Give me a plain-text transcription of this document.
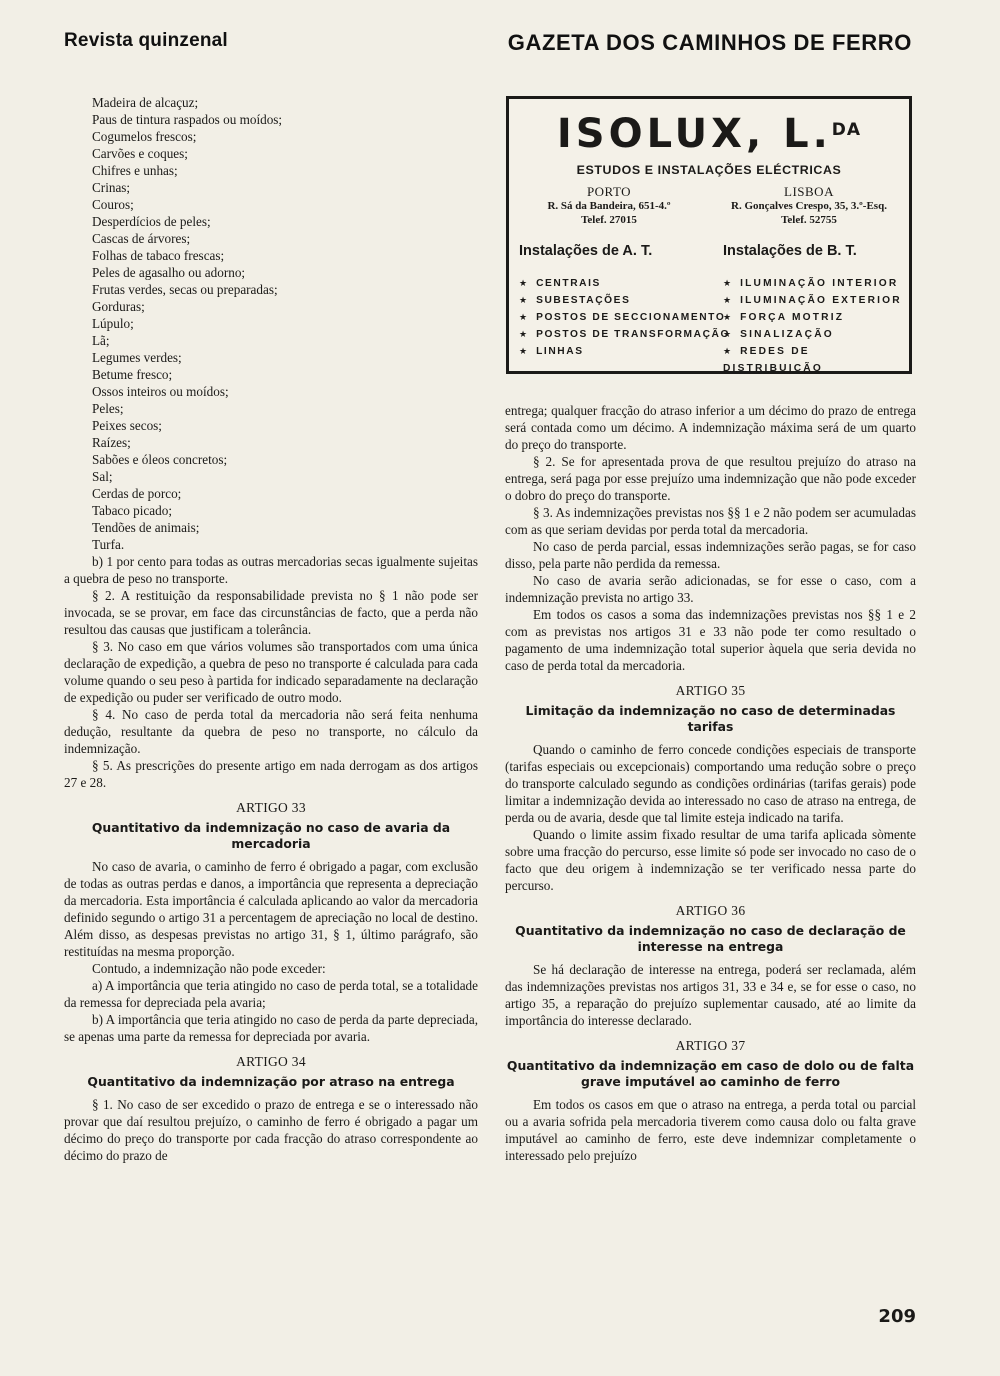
Revista quinzenal	GAZETA DOS CAMINHOS DE FERRO
Madeira de alcaçuz;
Paus de tintura raspados ou moídos;
Cogumelos frescos;
Carvões e coques;
Chifres e unhas;
Crinas;
Couros;
Desperdícios de peles;
Cascas de árvores;
Folhas de tabaco frescas;
Peles de agasalho ou adorno;
Frutas verdes, secas ou preparadas;
Gorduras;
Lúpulo;
Lã;
Legumes verdes;
Betume fresco;
Ossos inteiros ou moídos;
Peles;
Peixes secos;
Raízes;
Sabões e óleos concretos;
Sal;
Cerdas de porco;
Tabaco picado;
Tendões de animais;
Turfa.

b) 1 por cento para todas as outras mercadorias secas igualmente sujeitas a quebra de peso no transporte.

§ 2. A restituição da responsabilidade prevista no § 1 não pode ser invocada, se se provar, em face das circunstâncias de facto, que a perda não resultou das causas que justificam a tolerância.

§ 3. No caso em que vários volumes são transportados com uma única declaração de expedição, a quebra de peso no transporte é calculada para cada volume quando o seu peso à partida for indicado separadamente na declaração de expedição ou puder ser verificado de outro modo.

§ 4. No caso de perda total da mercadoria não será feita nenhuma dedução, resultante da quebra de peso no transporte, no cálculo da indemnização.

§ 5. As prescrições do presente artigo em nada derrogam as dos artigos 27 e 28.

ARTIGO 33
Quantitativo da indemnização no caso de avaria da mercadoria

No caso de avaria, o caminho de ferro é obrigado a pagar, com exclusão de todas as outras perdas e danos, a importância que representa a depreciação da mercadoria. Esta importância é calculada aplicando ao valor da mercadoria definido segundo o artigo 31 a percentagem de apreciação no local de destino. Além disso, as despesas previstas no artigo 31, § 1, último parágrafo, são restituídas na mesma proporção.

Contudo, a indemnização não pode exceder:

a) A importância que teria atingido no caso de perda total, se a totalidade da remessa for depreciada pela avaria;

b) A importância que teria atingido no caso de perda da parte depreciada, se apenas uma parte da remessa for depreciada por avaria.

ARTIGO 34
Quantitativo da indemnização por atraso na entrega

§ 1. No caso de ser excedido o prazo de entrega e se o interessado não provar que daí resultou prejuízo, o caminho de ferro é obrigado a pagar um décimo do preço do transporte por cada fracção do atraso correspondente ao décimo do prazo de

ISOLUX, L.$^{DA}$
ESTUDOS E INSTALAÇÕES ELÉCTRICAS
PORTO
R. Sá da Bandeira, 651-4.º
Telef. 27015
LISBOA
R. Gonçalves Crespo, 35, 3.º-Esq.
Telef. 52755
Instalações de A. T.	Instalações de B. T.
★ CENTRAIS
★ SUBESTAÇÕES
★ POSTOS DE SECCIONAMENTO
★ POSTOS DE TRANSFORMAÇÃO
★ LINHAS
★ ILUMINAÇÃO INTERIOR
★ ILUMINAÇÃO EXTERIOR
★ FORÇA MOTRIZ
★ SINALIZAÇÃO
★ REDES DE DISTRIBUIÇÃO

entrega; qualquer fracção do atraso inferior a um décimo do prazo de entrega será contada como um décimo. A indemnização máxima será de um quarto do preço do transporte.

§ 2. Se for apresentada prova de que resultou prejuízo do atraso na entrega, será paga por esse prejuízo uma indemnização que não pode exceder o dobro do preço do transporte.

§ 3. As indemnizações previstas nos §§ 1 e 2 não podem ser acumuladas com as que seriam devidas por perda total da mercadoria.

No caso de perda parcial, essas indemnizações serão pagas, se for caso disso, pela parte não perdida da remessa.

No caso de avaria serão adicionadas, se for esse o caso, com a indemnização prevista no artigo 33.

Em todos os casos a soma das indemnizações previstas nos §§ 1 e 2 com as previstas nos artigos 31 e 33 não pode ter como resultado o pagamento de uma indemnização total superior àquela que seria devida no caso de perda total da mercadoria.

ARTIGO 35
Limitação da indemnização no caso de determinadas tarifas

Quando o caminho de ferro concede condições especiais de transporte (tarifas especiais ou excepcionais) comportando uma redução sobre o preço do transporte calculado segundo as condições ordinárias (tarifas gerais) pode limitar a indemnização devida ao interessado no caso de atraso na entrega, de perda ou de avaria, desde que tal limite esteja indicado na tarifa.

Quando o limite assim fixado resultar de uma tarifa aplicada sòmente sobre uma fracção do percurso, esse limite só pode ser invocado no caso de o facto que deu origem à indemnização se ter verificado nessa parte do percurso.

ARTIGO 36
Quantitativo da indemnização no caso de declaração de interesse na entrega

Se há declaração de interesse na entrega, poderá ser reclamada, além das indemnizações previstas nos artigos 31, 33 e 34 e, se for esse o caso, no artigo 35, a reparação do prejuízo suplementar causado, até ao limite da importância do interesse declarado.

ARTIGO 37
Quantitativo da indemnização em caso de dolo ou de falta grave imputável ao caminho de ferro

Em todos os casos em que o atraso na entrega, a perda total ou parcial ou a avaria sofrida pela mercadoria tiverem como causa dolo ou falta grave imputável ao caminho de ferro, este deve indemnizar completamente o interessado pelo prejuízo

209
